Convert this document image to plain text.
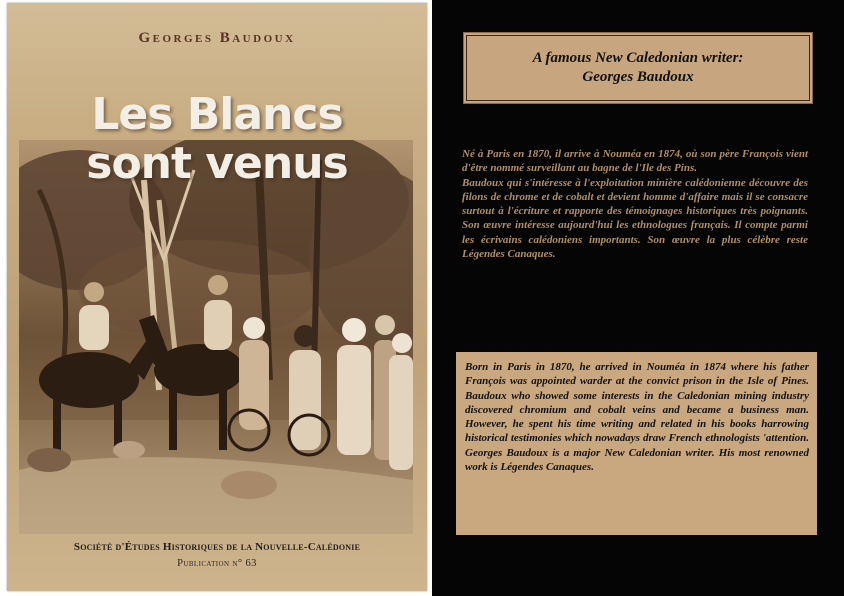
Georges Baudoux
Les Blancs
sont venus
Société d'Études Historiques de la Nouvelle-Calédonie
Publication n° 63
A famous New Caledonian writer:
Georges Baudoux

Né à Paris en 1870, il arrive à Nouméa en 1874, où son père François vient d'être nommé surveillant au bagne de l'Ile des Pins.

Baudoux qui s'intéresse à l'exploitation minière calédonienne découvre des filons de chrome et de cobalt et devient homme d'affaire mais il se consacre surtout à l'écriture et rapporte des témoignages historiques très poignants. Son œuvre intéresse aujourd'hui les ethnologues français. Il compte parmi les écrivains calédoniens importants. Son œuvre la plus célèbre reste Légendes Canaques.

Born in Paris in 1870, he arrived in Nouméa in 1874 where his father François was appointed warder at the convict prison in the Isle of Pines. Baudoux who showed some interests in the Caledonian mining industry discovered chromium and cobalt veins and became a business man. However, he spent his time writing and related in his books harrowing historical testimonies which nowadays draw French ethnologists 'attention. Georges Baudoux is a major New Caledonian writer. His most renowned work is Légendes Canaques.
